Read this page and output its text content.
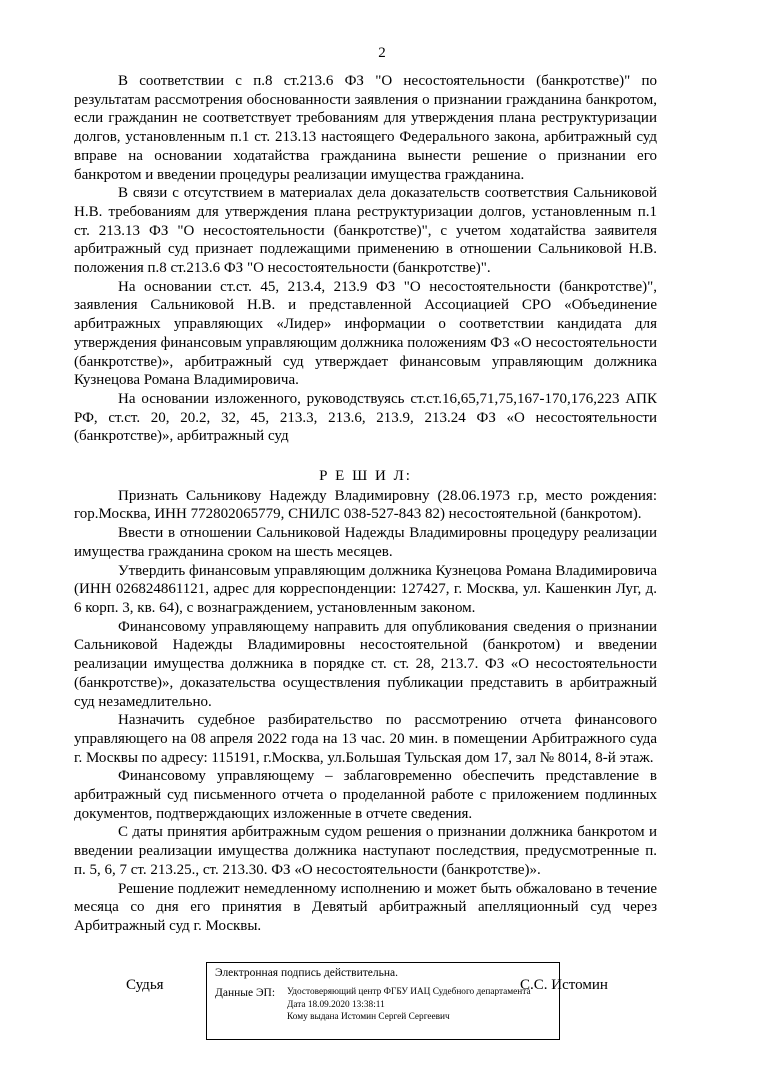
2

В соответствии с п.8 ст.213.6 ФЗ "О несостоятельности (банкротстве)" по результатам рассмотрения обоснованности заявления о признании гражданина банкротом, если гражданин не соответствует требованиям для утверждения плана реструктуризации долгов, установленным п.1 ст. 213.13 настоящего Федерального закона, арбитражный суд вправе на основании ходатайства гражданина вынести решение о признании его банкротом и введении процедуры реализации имущества гражданина.

В связи с отсутствием в материалах дела доказательств соответствия Сальниковой Н.В. требованиям для утверждения плана реструктуризации долгов, установленным п.1 ст. 213.13 ФЗ "О несостоятельности (банкротстве)", с учетом ходатайства заявителя арбитражный суд признает подлежащими применению в отношении Сальниковой Н.В. положения п.8 ст.213.6 ФЗ "О несостоятельности (банкротстве)".

На основании ст.ст. 45, 213.4, 213.9 ФЗ "О несостоятельности (банкротстве)", заявления Сальниковой Н.В. и представленной Ассоциацией СРО «Объединение арбитражных управляющих «Лидер» информации о соответствии кандидата для утверждения финансовым управляющим должника положениям ФЗ «О несостоятельности (банкротстве)», арбитражный суд утверждает финансовым управляющим должника Кузнецова Романа Владимировича.

На основании изложенного, руководствуясь ст.ст.16,65,71,75,167-170,176,223 АПК РФ, ст.ст. 20, 20.2, 32, 45, 213.3, 213.6, 213.9, 213.24 ФЗ «О несостоятельности (банкротстве)», арбитражный суд

Р Е Ш И Л:

Признать Сальникову Надежду Владимировну (28.06.1973 г.р, место рождения: гор.Москва, ИНН 772802065779, СНИЛС 038-527-843 82) несостоятельной (банкротом).

Ввести в отношении Сальниковой Надежды Владимировны процедуру реализации имущества гражданина сроком на шесть месяцев.

Утвердить финансовым управляющим должника Кузнецова Романа Владимировича (ИНН 026824861121, адрес для корреспонденции: 127427, г. Москва, ул. Кашенкин Луг, д. 6 корп. 3, кв. 64), с вознаграждением, установленным законом.

Финансовому управляющему направить для опубликования сведения о признании Сальниковой Надежды Владимировны несостоятельной (банкротом) и введении реализации имущества должника в порядке ст. ст. 28, 213.7. ФЗ «О несостоятельности (банкротстве)», доказательства осуществления публикации представить в арбитражный суд незамедлительно.

Назначить судебное разбирательство по рассмотрению отчета финансового управляющего на 08 апреля 2022 года на 13 час. 20 мин. в помещении Арбитражного суда г. Москвы по адресу: 115191, г.Москва, ул.Большая Тульская дом 17, зал № 8014, 8-й этаж.

Финансовому управляющему – заблаговременно обеспечить представление в арбитражный суд письменного отчета о проделанной работе с приложением подлинных документов, подтверждающих изложенные в отчете сведения.

С даты принятия арбитражным судом решения о признании должника банкротом и введении реализации имущества должника наступают последствия, предусмотренные п. п. 5, 6, 7 ст. 213.25., ст. 213.30. ФЗ «О несостоятельности (банкротстве)».

Решение подлежит немедленному исполнению и может быть обжаловано в течение месяца со дня его принятия в Девятый арбитражный апелляционный суд через Арбитражный суд г. Москвы.

Судья
Электронная подпись действительна.
Данные ЭП: Удостоверяющий центр ФГБУ ИАЦ Судебного департамента
Дата 18.09.2020 13:38:11
Кому выдана Истомин Сергей Сергеевич
С.С. Истомин
